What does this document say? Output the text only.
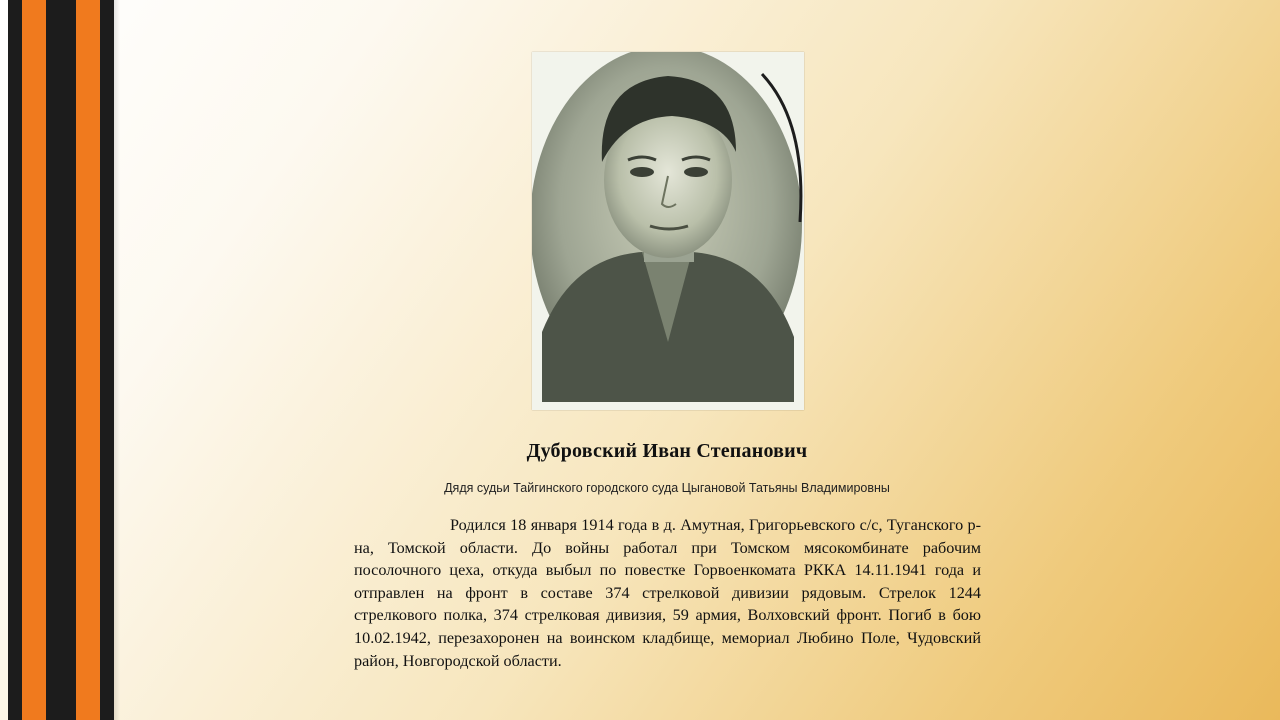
Дубровский Иван Степанович
Дядя судьи Тайгинского городского суда Цыгановой Татьяны Владимировны

Родился 18 января 1914 года в д. Амутная, Григорьевского с/с, Туганского р-на, Томской области. До войны работал при Томском мясокомбинате рабочим посолочного цеха, откуда выбыл по повестке Горвоенкомата РККА 14.11.1941 года и отправлен на фронт в составе 374 стрелковой дивизии рядовым. Стрелок 1244 стрелкового полка, 374 стрелковая дивизия, 59 армия, Волховский фронт. Погиб в бою 10.02.1942, перезахоронен на воинском кладбище, мемориал Любино Поле, Чудовский район, Новгородской области.
